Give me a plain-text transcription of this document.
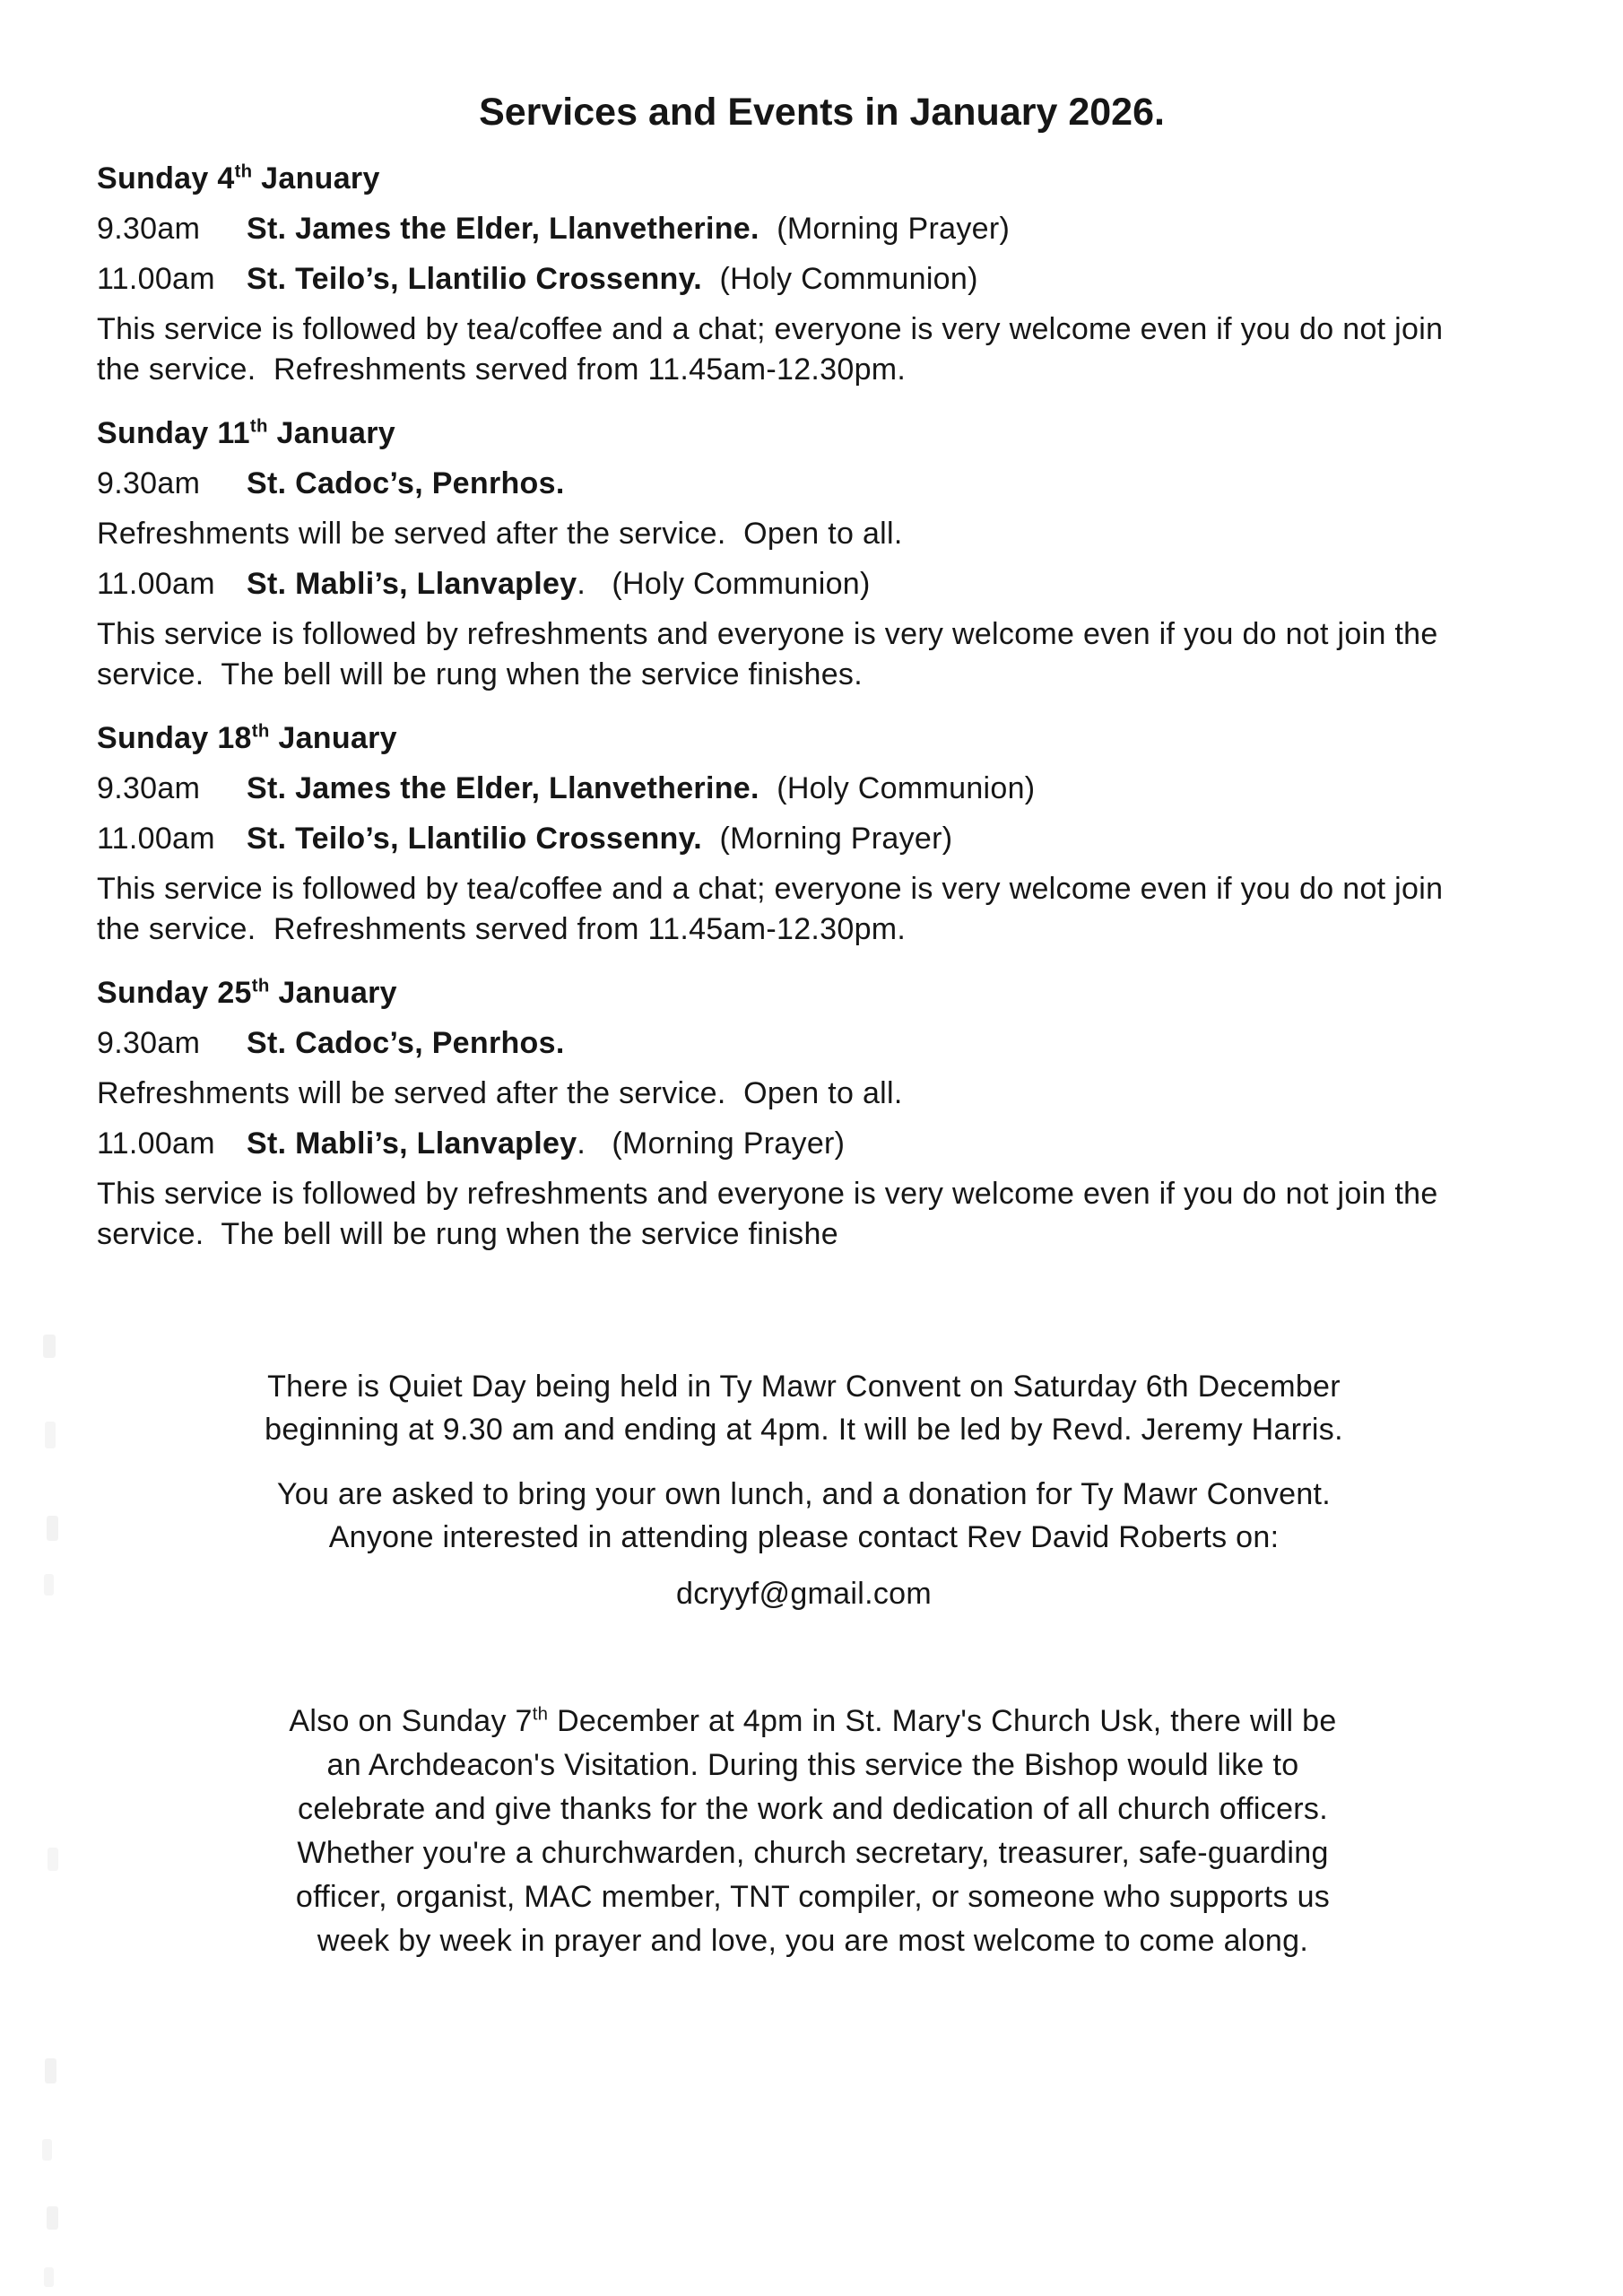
Services and Events in January 2026.
Sunday 4th January
9.30am	St. James the Elder, Llanvetherine.  (Morning Prayer)
11.00am	St. Teilo’s, Llantilio Crossenny.  (Holy Communion)

This service is followed by tea/coffee and a chat; everyone is very welcome even if you do not join
the service.  Refreshments served from 11.45am-12.30pm.

Sunday 11th January
9.30am	St. Cadoc’s, Penrhos.

Refreshments will be served after the service.  Open to all.

11.00am	St. Mabli’s, Llanvapley.   (Holy Communion)

This service is followed by refreshments and everyone is very welcome even if you do not join the
service.  The bell will be rung when the service finishes.

Sunday 18th January
9.30am	St. James the Elder, Llanvetherine.  (Holy Communion)
11.00am	St. Teilo’s, Llantilio Crossenny.  (Morning Prayer)

This service is followed by tea/coffee and a chat; everyone is very welcome even if you do not join
the service.  Refreshments served from 11.45am-12.30pm.

Sunday 25th January
9.30am	St. Cadoc’s, Penrhos.

Refreshments will be served after the service.  Open to all.

11.00am	St. Mabli’s, Llanvapley.   (Morning Prayer)

This service is followed by refreshments and everyone is very welcome even if you do not join the
service.  The bell will be rung when the service finishe

There is Quiet Day being held in Ty Mawr Convent on Saturday 6th December
beginning at 9.30 am and ending at 4pm. It will be led by Revd. Jeremy Harris.
You are asked to bring your own lunch, and a donation for Ty Mawr Convent.
Anyone interested in attending please contact Rev David Roberts on:
dcryyf@gmail.com
Also on Sunday 7th December at 4pm in St. Mary's Church Usk, there will be
an Archdeacon's Visitation. During this service the Bishop would like to
celebrate and give thanks for the work and dedication of all church officers.
Whether you're a churchwarden, church secretary, treasurer, safe-guarding
officer, organist, MAC member, TNT compiler, or someone who supports us
week by week in prayer and love, you are most welcome to come along.
